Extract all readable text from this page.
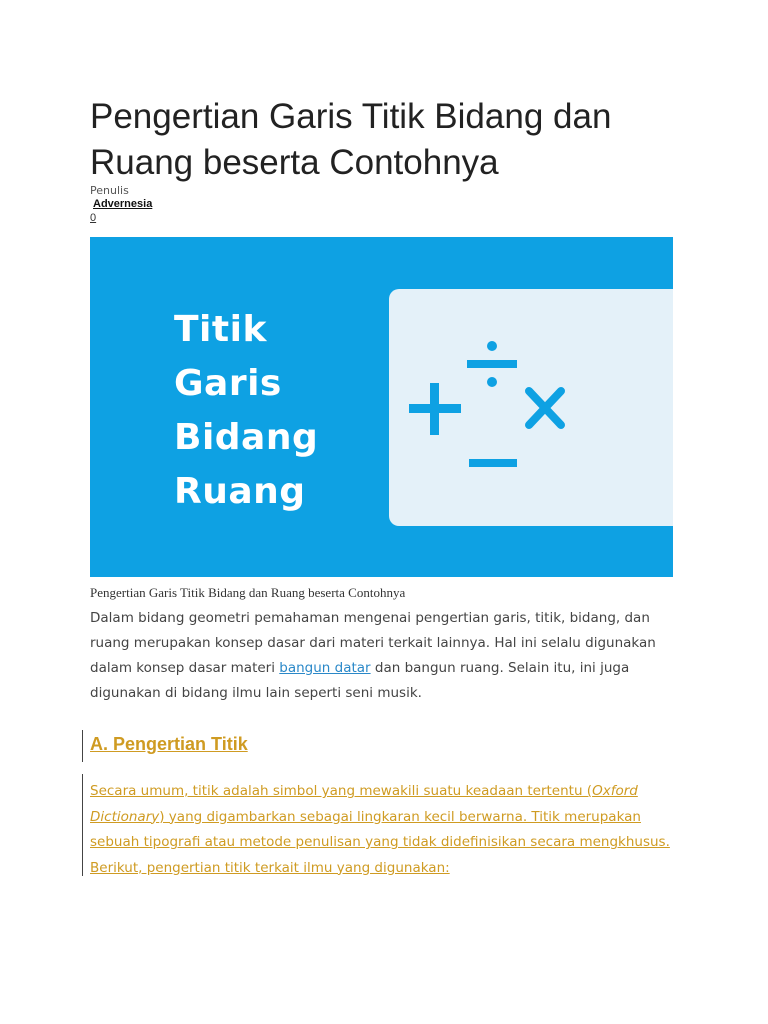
Pengertian Garis Titik Bidang dan Ruang beserta Contohnya
Penulis
Advernesia
0
Titik
Garis
Bidang
Ruang
Pengertian Garis Titik Bidang dan Ruang beserta Contohnya

Dalam bidang geometri pemahaman mengenai pengertian garis, titik, bidang, dan ruang merupakan konsep dasar dari materi terkait lainnya. Hal ini selalu digunakan dalam konsep dasar materi bangun datar dan bangun ruang. Selain itu, ini juga digunakan di bidang ilmu lain seperti seni musik.

A. Pengertian Titik

Secara umum, titik adalah simbol yang mewakili suatu keadaan tertentu (Oxford Dictionary) yang digambarkan sebagai lingkaran kecil berwarna. Titik merupakan sebuah tipografi atau metode penulisan yang tidak didefinisikan secara mengkhusus. Berikut, pengertian titik terkait ilmu yang digunakan:
